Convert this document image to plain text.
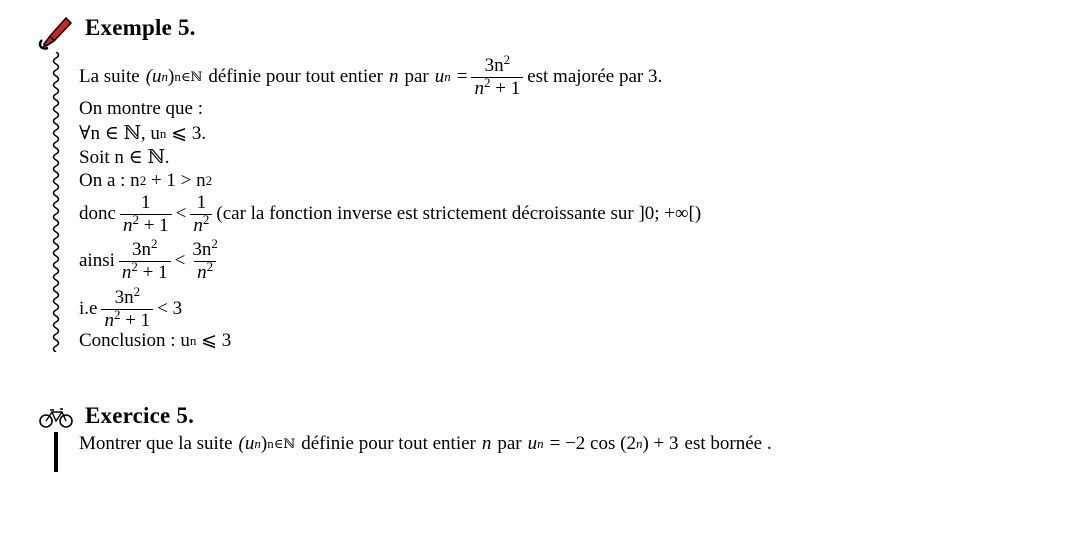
Exemple 5.
La suite (u n ) n∈ℕ définie pour tout entier n par u $n = \frac{3n^2}{n^2 + 1}$ est majorée par 3.
On montre que :
∀n ∈ ℕ, u n
⩽ 3.
Soit n ∈ ℕ.
On a : n 2
+ 1 > n 2
donc $\frac{1}{n^2 + 1} < \frac{1}{n^2} (car$ la fonction inverse est strictement décroissante sur ]0; +∞[)
ainsi $\frac{3n^2}{n^2 + 1} < \frac{3n^2}{n^2}$
$i.e \frac{3n^2}{n^2 + 1} < 3$
Conclusion : u n
⩽ 3
Exercice 5.
Montrer que la suite (u n ) n∈ℕ définie pour tout entier n par u n = −2 cos (2 n ) + 3 est bornée .
